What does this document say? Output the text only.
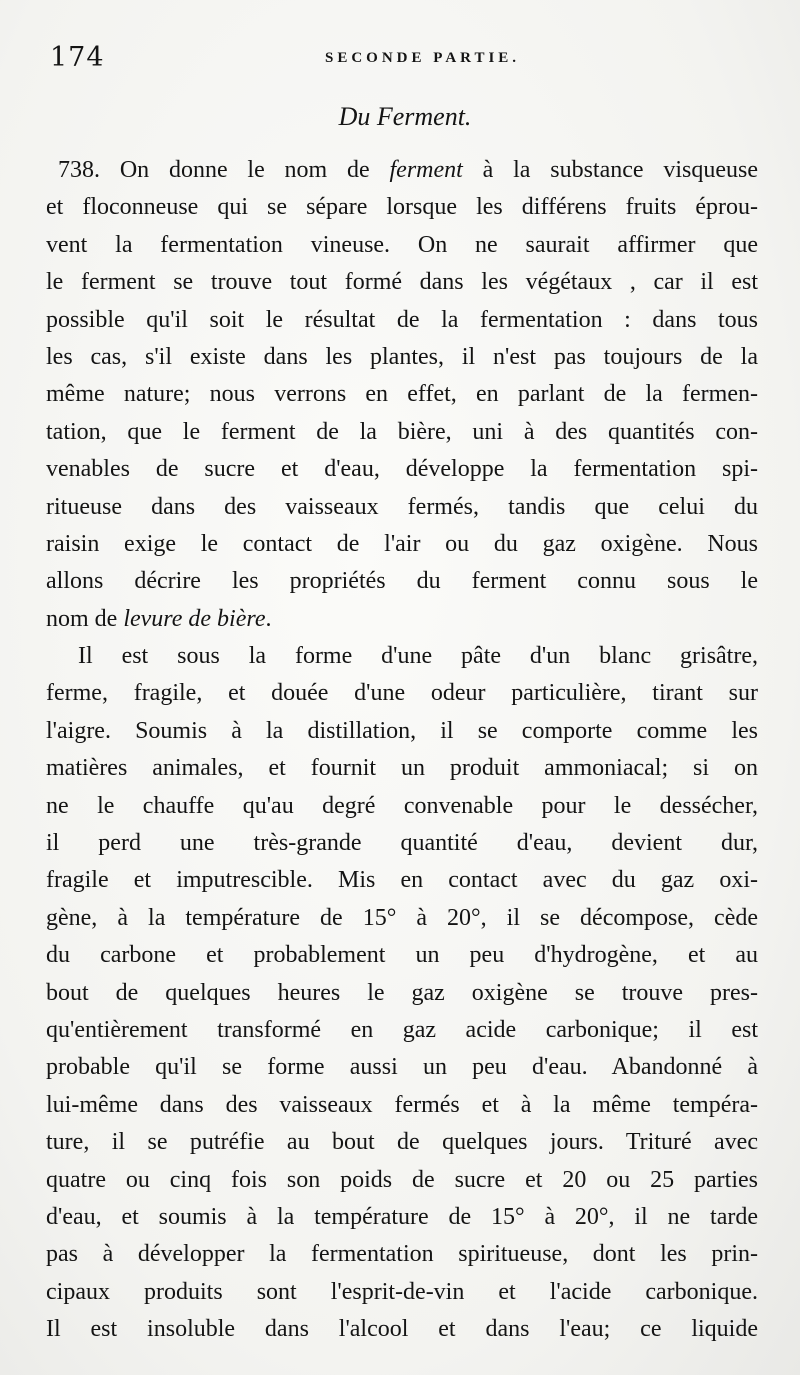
174	SECONDE PARTIE.
Du Ferment.
738. On donne le nom de ferment à la substance visqueuse
et floconneuse qui se sépare lorsque les différens fruits éprou-
vent la fermentation vineuse. On ne saurait affirmer que
le ferment se trouve tout formé dans les végétaux , car il est
possible qu'il soit le résultat de la fermentation : dans tous
les cas, s'il existe dans les plantes, il n'est pas toujours de la
même nature; nous verrons en effet, en parlant de la fermen-
tation, que le ferment de la bière, uni à des quantités con-
venables de sucre et d'eau, développe la fermentation spi-
ritueuse dans des vaisseaux fermés, tandis que celui du
raisin exige le contact de l'air ou du gaz oxigène. Nous
allons décrire les propriétés du ferment connu sous le
nom de levure de bière.
Il est sous la forme d'une pâte d'un blanc grisâtre,
ferme, fragile, et douée d'une odeur particulière, tirant sur
l'aigre. Soumis à la distillation, il se comporte comme les
matières animales, et fournit un produit ammoniacal; si on
ne le chauffe qu'au degré convenable pour le dessécher,
il perd une très-grande quantité d'eau, devient dur,
fragile et imputrescible. Mis en contact avec du gaz oxi-
gène, à la température de 15° à 20°, il se décompose, cède
du carbone et probablement un peu d'hydrogène, et au
bout de quelques heures le gaz oxigène se trouve pres-
qu'entièrement transformé en gaz acide carbonique; il est
probable qu'il se forme aussi un peu d'eau. Abandonné à
lui-même dans des vaisseaux fermés et à la même tempéra-
ture, il se putréfie au bout de quelques jours. Trituré avec
quatre ou cinq fois son poids de sucre et 20 ou 25 parties
d'eau, et soumis à la température de 15° à 20°, il ne tarde
pas à développer la fermentation spiritueuse, dont les prin-
cipaux produits sont l'esprit-de-vin et l'acide carbonique.
Il est insoluble dans l'alcool et dans l'eau; ce liquide
